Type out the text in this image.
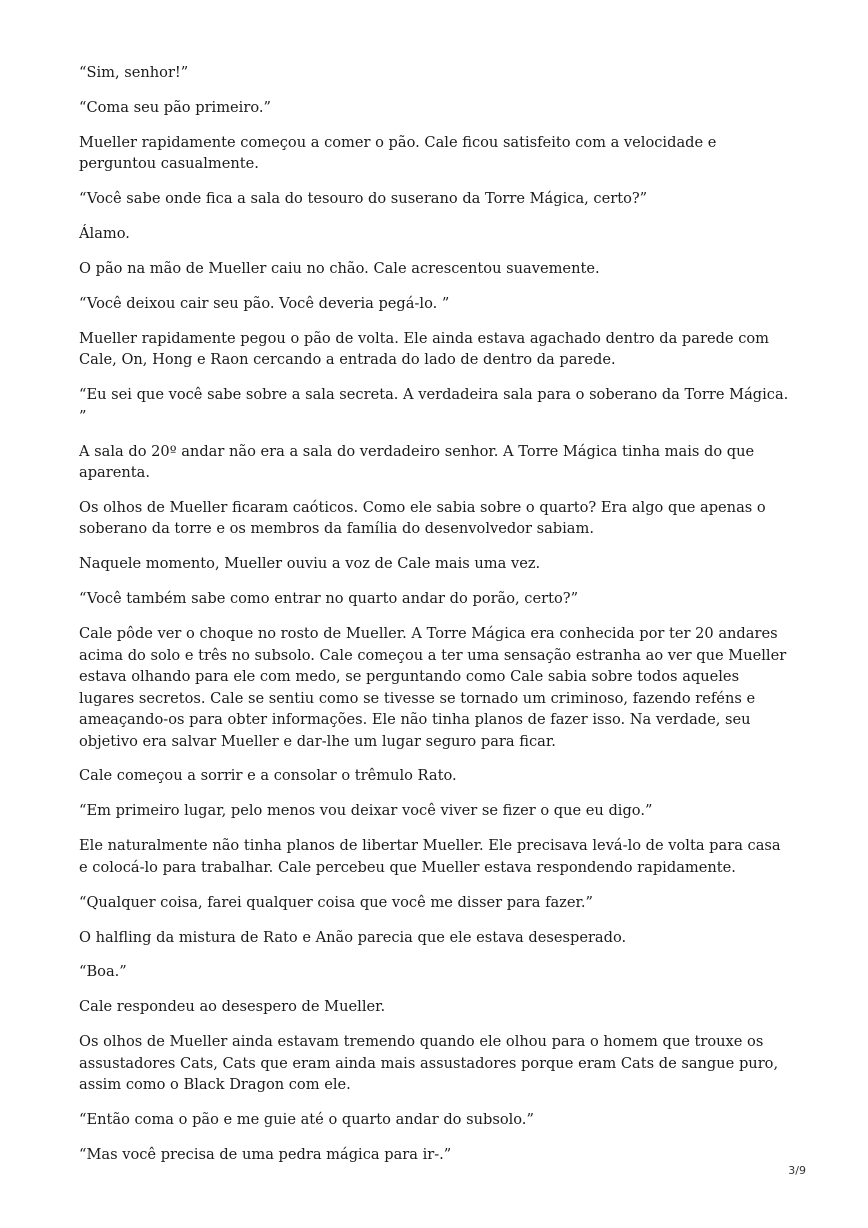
“Sim, senhor!”

“Coma seu pão primeiro.”

Mueller rapidamente começou a comer o pão. Cale ficou satisfeito com a velocidade e perguntou casualmente.

“Você sabe onde fica a sala do tesouro do suserano da Torre Mágica, certo?”

Álamo.

O pão na mão de Mueller caiu no chão. Cale acrescentou suavemente.

“Você deixou cair seu pão. Você deveria pegá-lo. ”

Mueller rapidamente pegou o pão de volta. Ele ainda estava agachado dentro da parede com Cale, On, Hong e Raon cercando a entrada do lado de dentro da parede.

“Eu sei que você sabe sobre a sala secreta. A verdadeira sala para o soberano da Torre Mágica. ”

A sala do 20º andar não era a sala do verdadeiro senhor. A Torre Mágica tinha mais do que aparenta.

Os olhos de Mueller ficaram caóticos. Como ele sabia sobre o quarto? Era algo que apenas o soberano da torre e os membros da família do desenvolvedor sabiam.

Naquele momento, Mueller ouviu a voz de Cale mais uma vez.

“Você também sabe como entrar no quarto andar do porão, certo?”

Cale pôde ver o choque no rosto de Mueller. A Torre Mágica era conhecida por ter 20 andares acima do solo e três no subsolo. Cale começou a ter uma sensação estranha ao ver que Mueller estava olhando para ele com medo, se perguntando como Cale sabia sobre todos aqueles lugares secretos. Cale se sentiu como se tivesse se tornado um criminoso, fazendo reféns e ameaçando-os para obter informações. Ele não tinha planos de fazer isso. Na verdade, seu objetivo era salvar Mueller e dar-lhe um lugar seguro para ficar.

Cale começou a sorrir e a consolar o trêmulo Rato.

“Em primeiro lugar, pelo menos vou deixar você viver se fizer o que eu digo.”

Ele naturalmente não tinha planos de libertar Mueller. Ele precisava levá-lo de volta para casa e colocá-lo para trabalhar. Cale percebeu que Mueller estava respondendo rapidamente.

“Qualquer coisa, farei qualquer coisa que você me disser para fazer.”

O halfling da mistura de Rato e Anão parecia que ele estava desesperado.

“Boa.”

Cale respondeu ao desespero de Mueller.

Os olhos de Mueller ainda estavam tremendo quando ele olhou para o homem que trouxe os assustadores Cats, Cats que eram ainda mais assustadores porque eram Cats de sangue puro, assim como o Black Dragon com ele.

“Então coma o pão e me guie até o quarto andar do subsolo.”

“Mas você precisa de uma pedra mágica para ir-.”

3/9
